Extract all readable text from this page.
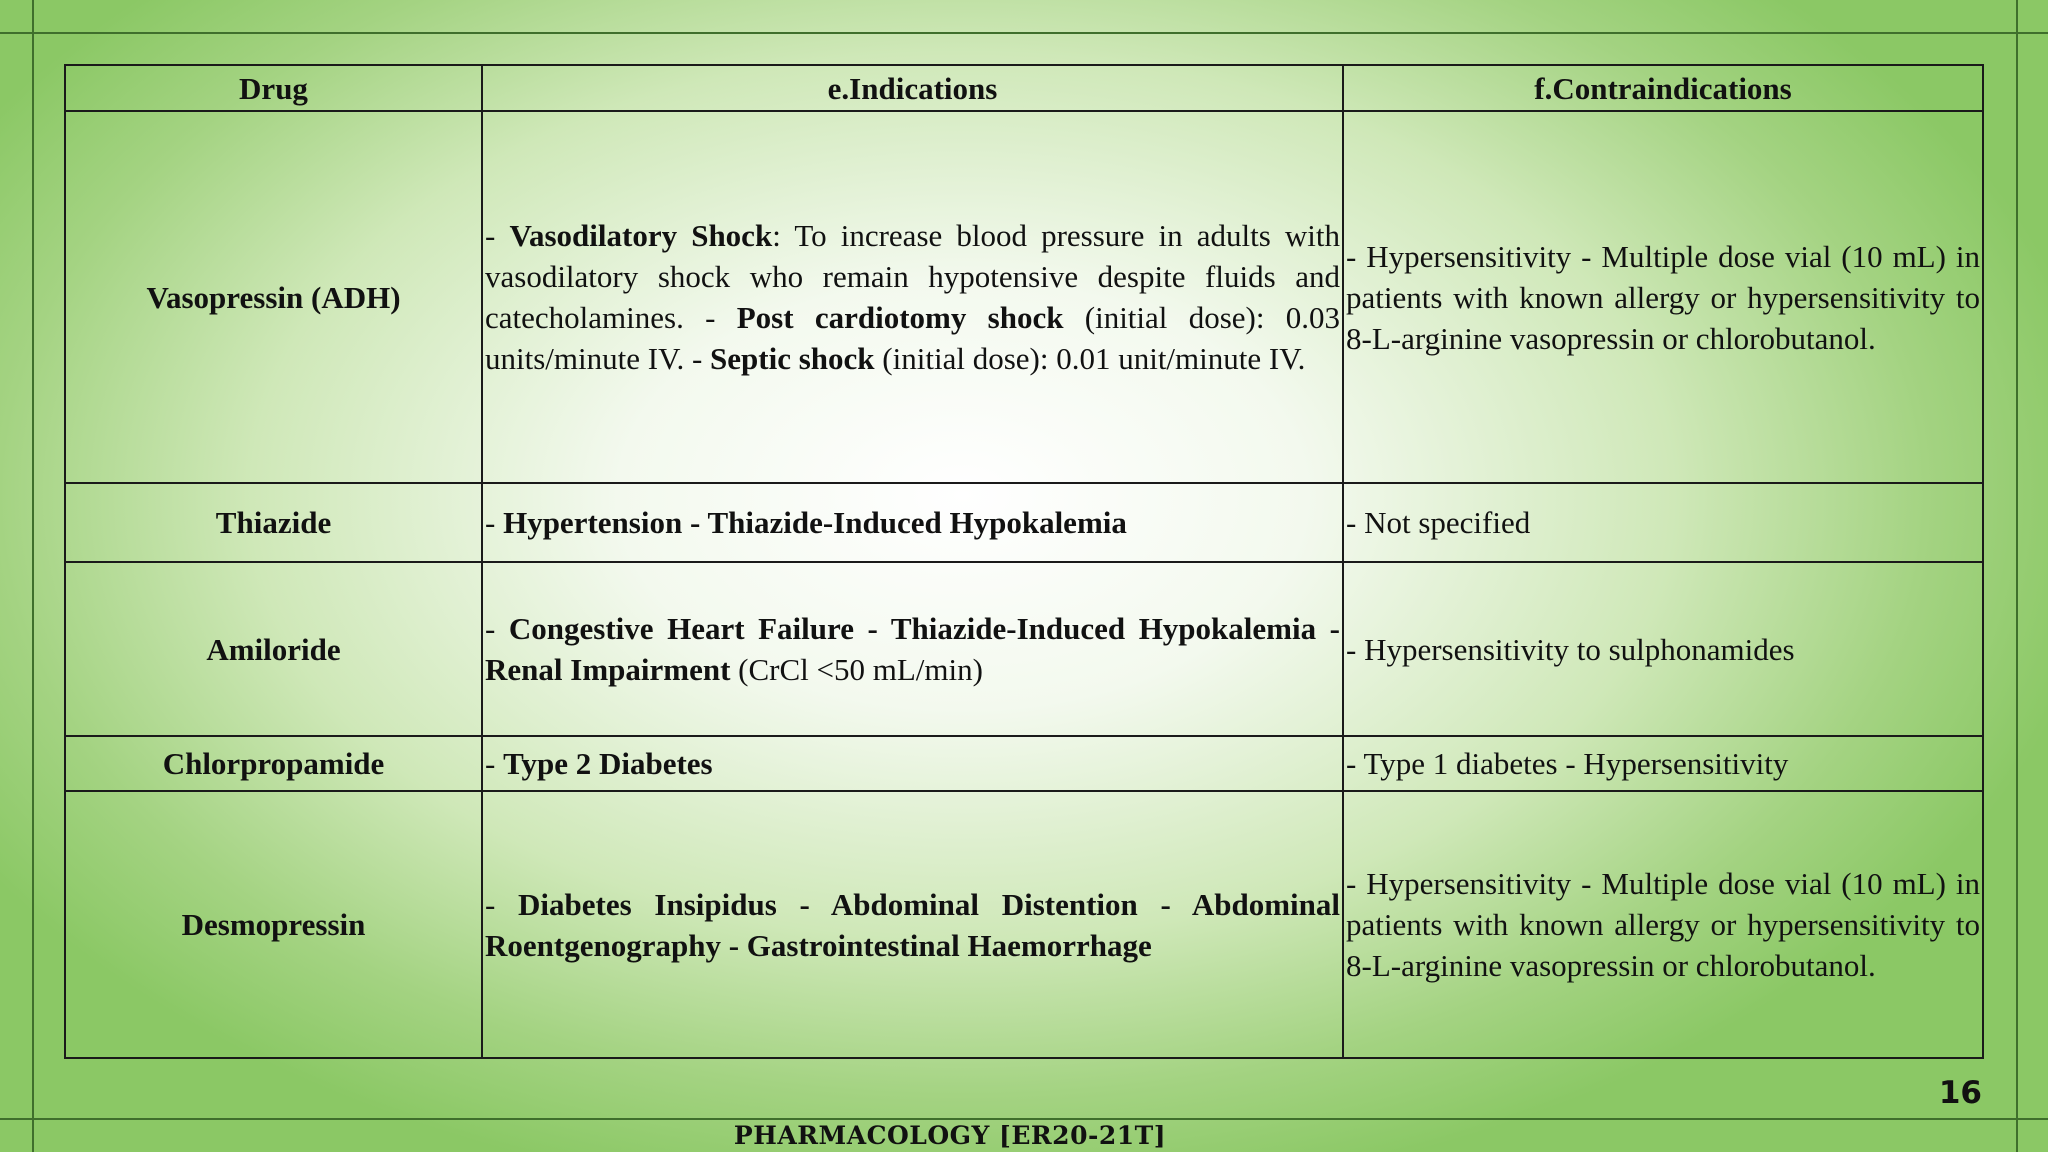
Drug	e.Indications	f.Contraindications
Vasopressin (ADH)	- Vasodilatory Shock: To increase blood pressure in adults with vasodilatory shock who remain hypotensive despite fluids and catecholamines. - Post cardiotomy shock (initial dose): 0.03 units/minute IV. - Septic shock (initial dose): 0.01 unit/minute IV.	- Hypersensitivity - Multiple dose vial (10 mL) in patients with known allergy or hypersensitivity to 8-L-arginine vasopressin or chlorobutanol.
Thiazide	- Hypertension - Thiazide-Induced Hypokalemia	- Not specified
Amiloride	- Congestive Heart Failure - Thiazide-Induced Hypokalemia - Renal Impairment (CrCl <50 mL/min)	- Hypersensitivity to sulphonamides
Chlorpropamide	- Type 2 Diabetes	- Type 1 diabetes - Hypersensitivity
Desmopressin	- Diabetes Insipidus - Abdominal Distention - Abdominal Roentgenography - Gastrointestinal Haemorrhage	- Hypersensitivity - Multiple dose vial (10 mL) in patients with known allergy or hypersensitivity to 8-L-arginine vasopressin or chlorobutanol.
16
PHARMACOLOGY [ER20-21T]
